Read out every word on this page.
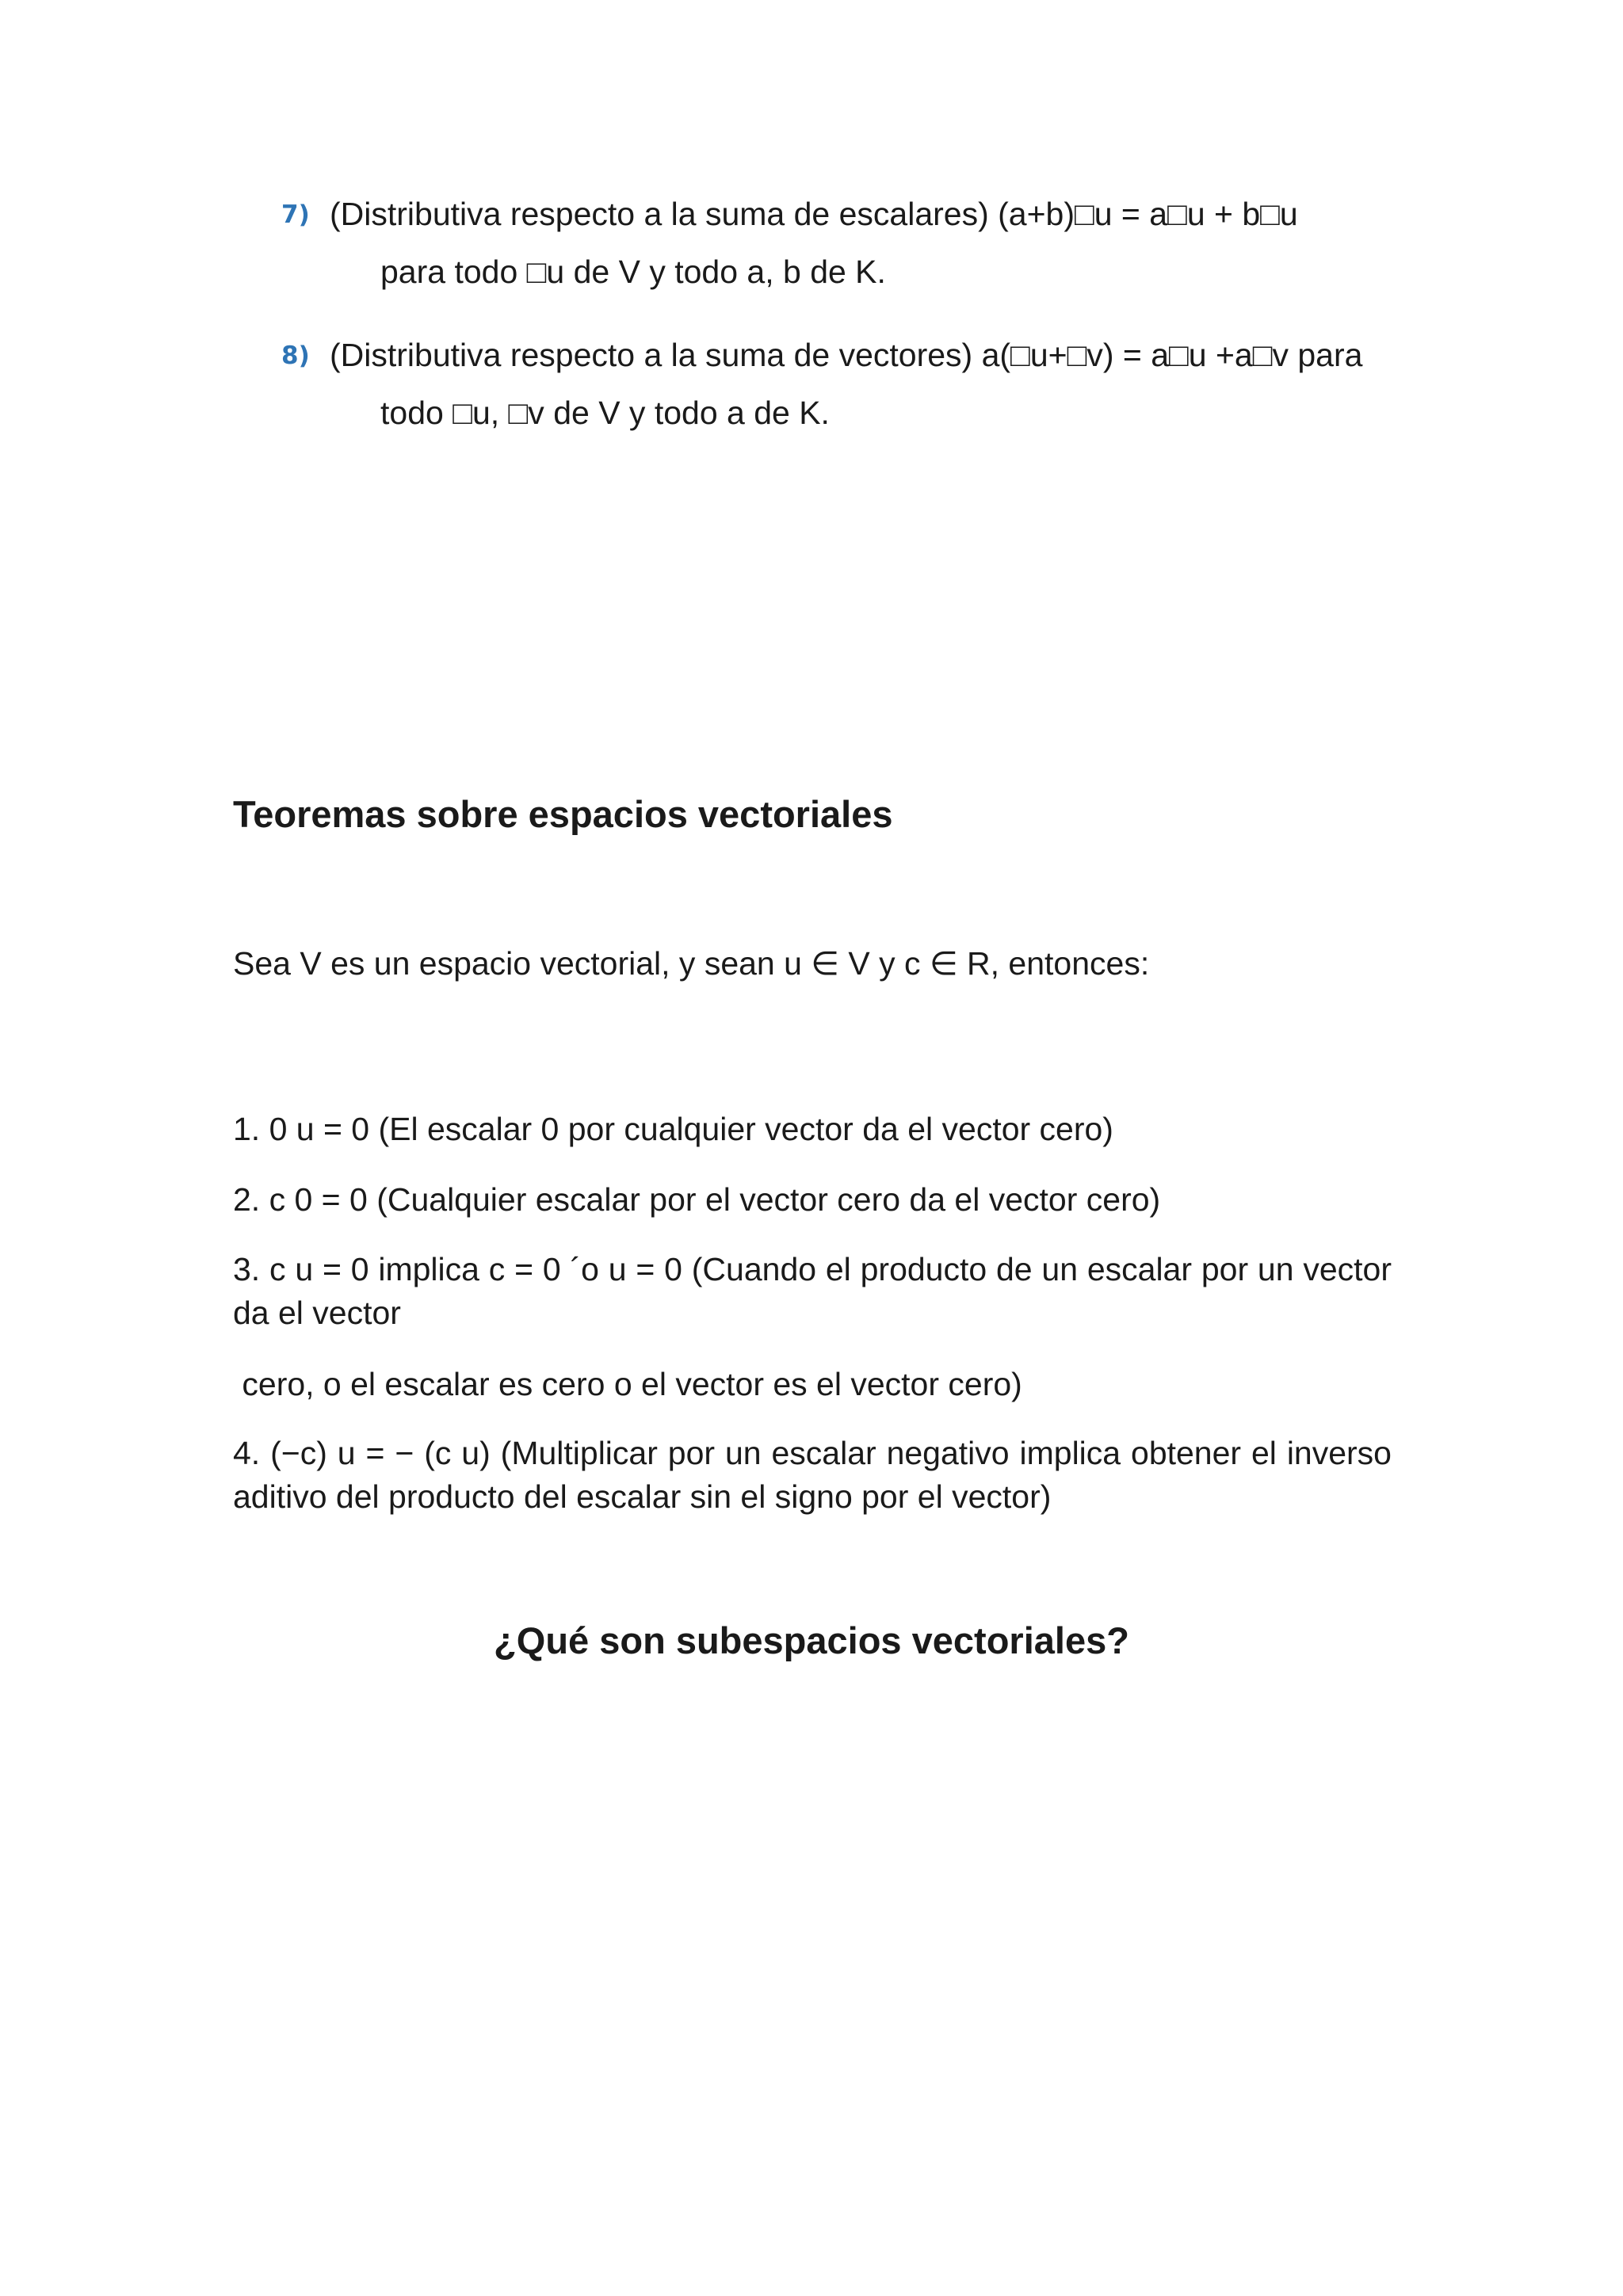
7) (Distributiva respecto a la suma de escalares) (a+b)□u = a□u + b□u
para todo □u de V y todo a, b de K.
8) (Distributiva respecto a la suma de vectores) a(□u+□v) = a□u +a□v para
todo □u, □v de V y todo a de K.
Teoremas sobre espacios vectoriales
Sea V es un espacio vectorial, y sean u ∈ V y c ∈ R, entonces:
1. 0 u = 0 (El escalar 0 por cualquier vector da el vector cero)
2. c 0 = 0 (Cualquier escalar por el vector cero da el vector cero)
3. c u = 0 implica c = 0 ´o u = 0 (Cuando el producto de un escalar por un vector da el vector
cero, o el escalar es cero o el vector es el vector cero)
4. (−c) u = − (c u) (Multiplicar por un escalar negativo implica obtener el inverso aditivo del producto del escalar sin el signo por el vector)
¿Qué son subespacios vectoriales?
